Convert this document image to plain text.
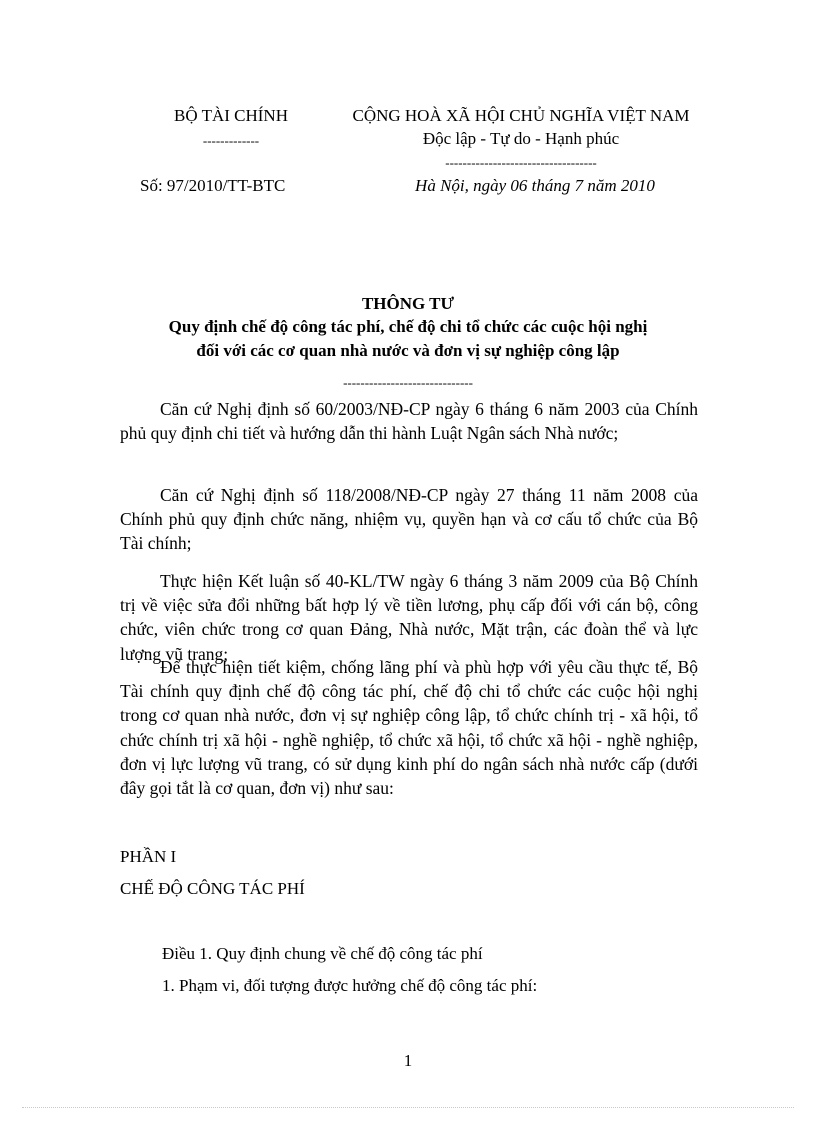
BỘ TÀI CHÍNH
-------------
Số: 97/2010/TT-BTC
CỘNG HOÀ XÃ HỘI CHỦ NGHĨA VIỆT NAM
Độc lập - Tự do - Hạnh phúc
-----------------------------------
Hà Nội, ngày 06 tháng 7 năm 2010
THÔNG TƯ
Quy định chế độ công tác phí, chế độ chi tổ chức các cuộc hội nghị
đối với các cơ quan nhà nước và đơn vị sự nghiệp công lập
------------------------------

Căn cứ Nghị định số 60/2003/NĐ-CP ngày 6 tháng 6 năm 2003 của Chính phủ quy định chi tiết và hướng dẫn thi hành Luật Ngân sách Nhà nước;

Căn cứ Nghị định số 118/2008/NĐ-CP ngày 27 tháng 11 năm 2008 của Chính phủ quy định chức năng, nhiệm vụ, quyền hạn và cơ cấu tổ chức của Bộ Tài chính;

Thực hiện Kết luận số 40-KL/TW ngày 6 tháng 3 năm 2009 của Bộ Chính trị về việc sửa đổi những bất hợp lý về tiền lương, phụ cấp đối với cán bộ, công chức, viên chức trong cơ quan Đảng, Nhà nước, Mặt trận, các đoàn thể và lực lượng vũ trang;

Để thực hiện tiết kiệm, chống lãng phí và phù hợp với yêu cầu thực tế, Bộ Tài chính quy định chế độ công tác phí, chế độ chi tổ chức các cuộc hội nghị trong cơ quan nhà nước, đơn vị sự nghiệp công lập, tổ chức chính trị - xã hội, tổ chức chính trị xã hội - nghề nghiệp, tổ chức xã hội, tổ chức xã hội - nghề nghiệp, đơn vị lực lượng vũ trang, có sử dụng kinh phí do ngân sách nhà nước cấp (dưới đây gọi tắt là cơ quan, đơn vị) như sau:

PHẦN I
CHẾ ĐỘ CÔNG TÁC PHÍ
Điều 1. Quy định chung về chế độ công tác phí
1. Phạm vi, đối tượng được hưởng chế độ công tác phí:
1
